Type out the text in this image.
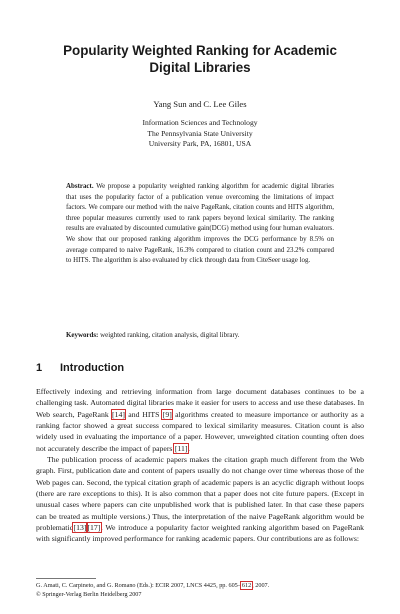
Popularity Weighted Ranking for Academic
Digital Libraries
Yang Sun and C. Lee Giles
Information Sciences and Technology
The Pennsylvania State University
University Park, PA, 16801, USA
Abstract. We propose a popularity weighted ranking algorithm for academic digital libraries that uses the popularity factor of a publication venue overcoming the limitations of impact factors. We compare our method with the naive PageRank, citation counts and HITS algorithm, three popular measures currently used to rank papers beyond lexical similarity. The ranking results are evaluated by discounted cumulative gain(DCG) method using four human evaluators. We show that our proposed ranking algorithm improves the DCG performance by 8.5% on average compared to naive PageRank, 16.3% compared to citation count and 23.2% compared to HITS. The algorithm is also evaluated by click through data from CiteSeer usage log.
Keywords: weighted ranking, citation analysis, digital library.
1 Introduction

Effectively indexing and retrieving information from large document databases continues to be a challenging task. Automated digital libraries make it easier for users to access and use these databases. In Web search, PageRank [14] and HITS [9] algorithms created to measure importance or authority as a ranking factor showed a great success compared to lexical similarity measures. Citation count is also widely used in evaluating the importance of a paper. However, unweighted citation counting often does not accurately describe the impact of papers [11].

The publication process of academic papers makes the citation graph much different from the Web graph. First, publication date and content of papers usually do not change over time whereas those of the Web pages can. Second, the typical citation graph of academic papers is an acyclic digraph without loops (there are rare exceptions to this). It is also common that a paper does not cite future papers. (Except in unusual cases where papers can cite unpublished work that is published later. In that case these papers can be treated as multiple versions.) Thus, the interpretation of the naive PageRank algorithm would be problematic[13][17]. We introduce a popularity factor weighted ranking algorithm based on PageRank with significantly improved performance for ranking academic papers. Our contributions are as follows:

G. Amati, C. Carpineto, and G. Romano (Eds.): ECIR 2007, LNCS 4425, pp. 605–612, 2007.
© Springer-Verlag Berlin Heidelberg 2007
